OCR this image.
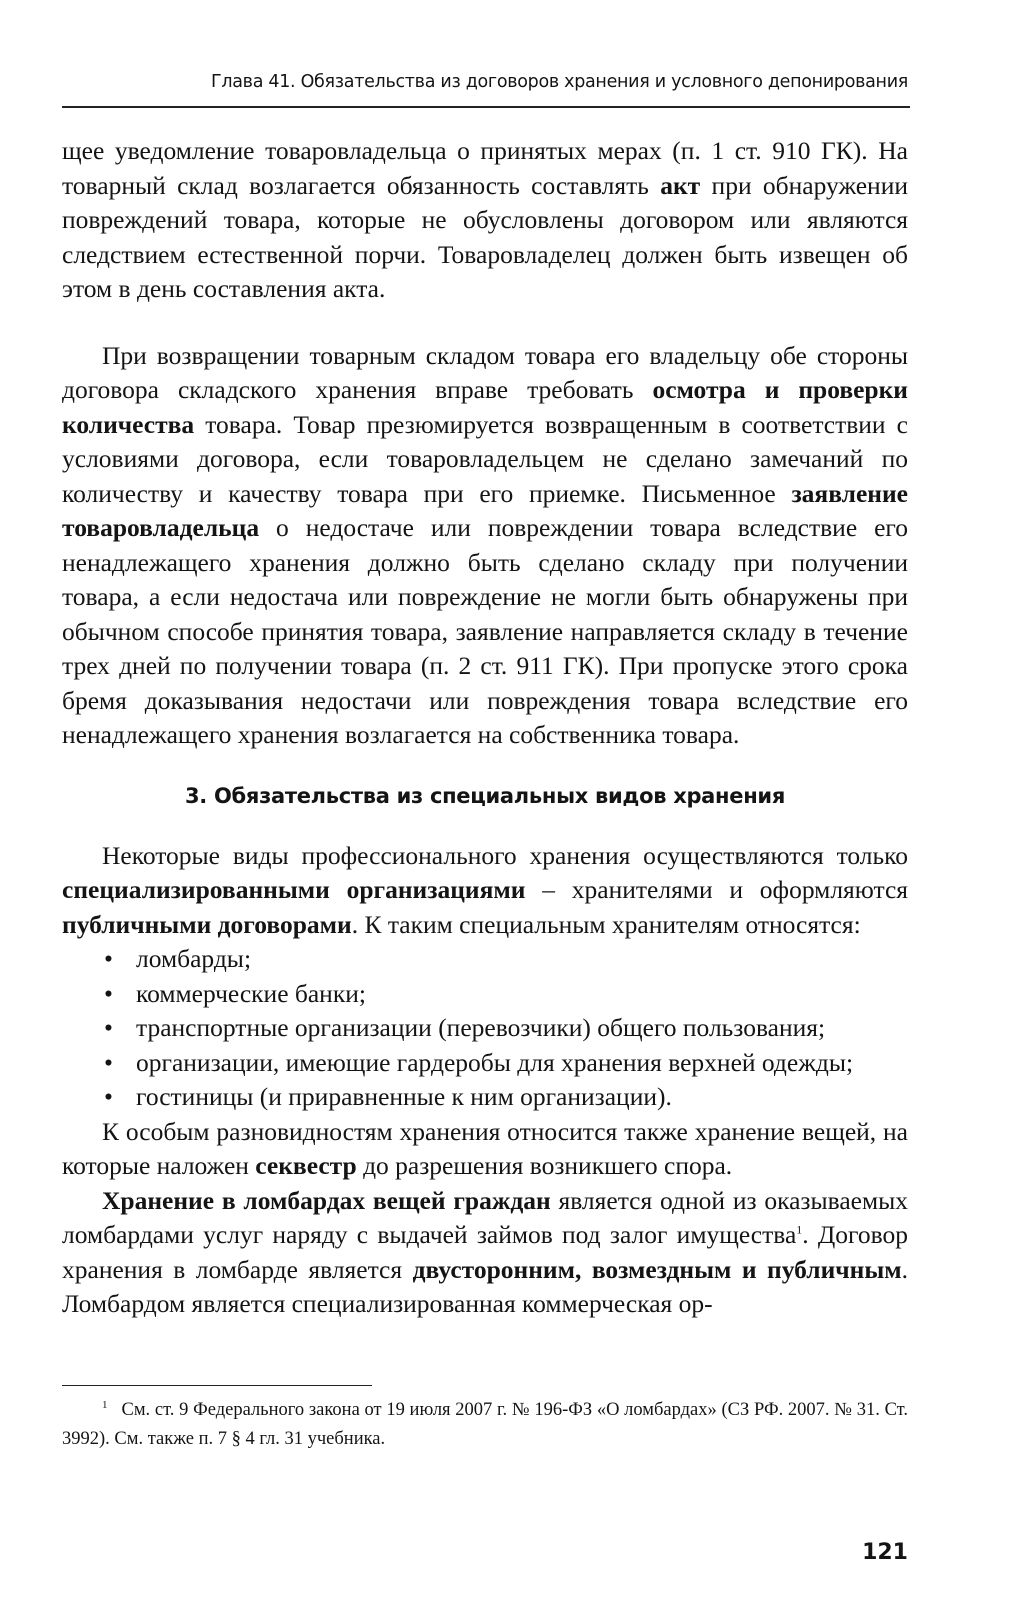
Глава 41. Обязательства из договоров хранения и условного депонирования

щее уведомление товаровладельца о принятых мерах (п. 1 ст. 910 ГК). На товарный склад возлагается обязанность составлять акт при обнаружении повреждений товара, которые не обусловлены договором или являются следствием естественной порчи. Товаровладелец должен быть извещен об этом в день составления акта.

При возвращении товарным складом товара его владельцу обе стороны договора складского хранения вправе требовать осмотра и проверки количества товара. Товар презюмируется возвращенным в соответствии с условиями договора, если товаровладельцем не сделано замечаний по количеству и качеству товара при его приемке. Письменное заявление товаровладельца о недостаче или повреждении товара вследствие его ненадлежащего хранения должно быть сделано складу при получении товара, а если недостача или повреждение не могли быть обнаружены при обычном способе принятия товара, заявление направляется складу в течение трех дней по получении товара (п. 2 ст. 911 ГК). При пропуске этого срока бремя доказывания недостачи или повреждения товара вследствие его ненадлежащего хранения возлагается на собственника товара.

3. Обязательства из специальных видов хранения

Некоторые виды профессионального хранения осуществляются только специализированными организациями – хранителями и оформляются публичными договорами. К таким специальным хранителям относятся:

• ломбарды;
• коммерческие банки;
• транспортные организации (перевозчики) общего пользования;
• организации, имеющие гардеробы для хранения верхней одежды;
• гостиницы (и приравненные к ним организации).

К особым разновидностям хранения относится также хранение вещей, на которые наложен секвестр до разрешения возникшего спора.

Хранение в ломбардах вещей граждан является одной из оказываемых ломбардами услуг наряду с выдачей займов под залог имущества$^1$. Договор хранения в ломбарде является двусторонним, возмездным и публичным. Ломбардом является специализированная коммерческая ор-

$^1$ См. ст. 9 Федерального закона от 19 июля 2007 г. № 196-ФЗ «О ломбардах» (СЗ РФ. 2007. № 31. Ст. 3992). См. также п. 7 § 4 гл. 31 учебника.
121
